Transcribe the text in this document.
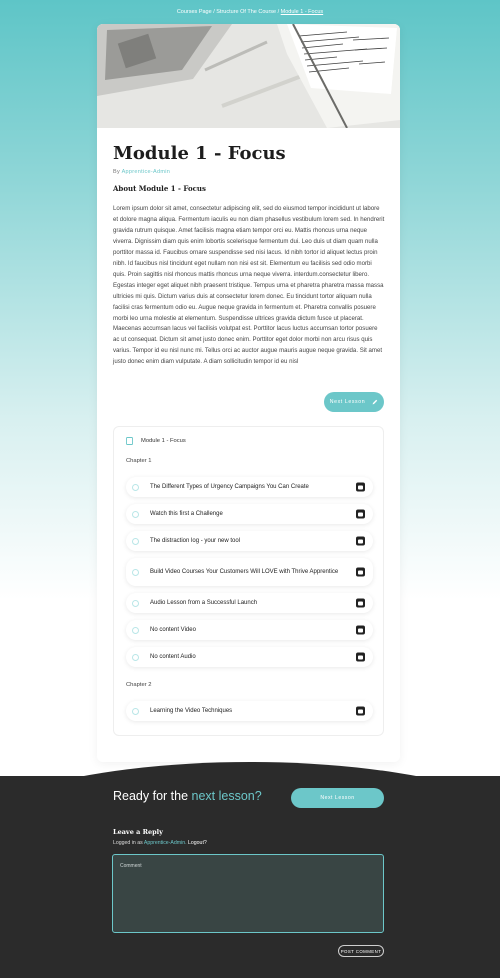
Courses Page / Structure Of The Course / Module 1 - Focus
Module 1 - Focus
By Apprentice-Admin
About Module 1 - Focus

Lorem ipsum dolor sit amet, consectetur adipiscing elit, sed do eiusmod tempor incididunt ut labore et dolore magna aliqua. Fermentum iaculis eu non diam phasellus vestibulum lorem sed. In hendrerit gravida rutrum quisque. Amet facilisis magna etiam tempor orci eu. Mattis rhoncus urna neque viverra. Dignissim diam quis enim lobortis scelerisque fermentum dui. Leo duis ut diam quam nulla porttitor massa id. Faucibus ornare suspendisse sed nisi lacus. Id nibh tortor id aliquet lectus proin nibh. Id faucibus nisl tincidunt eget nullam non nisi est sit. Elementum eu facilisis sed odio morbi quis. Proin sagittis nisl rhoncus mattis rhoncus urna neque viverra. interdum.consectetur libero. Egestas integer eget aliquet nibh praesent tristique. Tempus urna et pharetra pharetra massa massa ultricies mi quis. Dictum varius duis at consectetur lorem donec. Eu tincidunt tortor aliquam nulla facilisi cras fermentum odio eu. Augue neque gravida in fermentum et. Pharetra convallis posuere morbi leo urna molestie at elementum. Suspendisse ultrices gravida dictum fusce ut placerat. Maecenas accumsan lacus vel facilisis volutpat est. Porttitor lacus luctus accumsan tortor posuere ac ut consequat. Dictum sit amet justo donec enim. Porttitor eget dolor morbi non arcu risus quis varius. Tempor id eu nisl nunc mi. Tellus orci ac auctor augue mauris augue neque gravida. Sit amet justo donec enim diam vulputate. A diam sollicitudin tempor id eu nisl

Next Lesson
Module 1 - Focus
Chapter 1
The Different Types of Urgency Campaigns You Can Create
Watch this first a Challenge
The distraction log - your new tool
Build Video Courses Your Customers Will LOVE with Thrive Apprentice
Audio Lesson from a Successful Launch
No content Video
No content Audio
Chapter 2
Learning the Video Techniques
Ready for the next lesson?	Next Lesson
Leave a Reply
Logged in as Apprentice-Admin. Logout?
Comment
POST COMMENT
